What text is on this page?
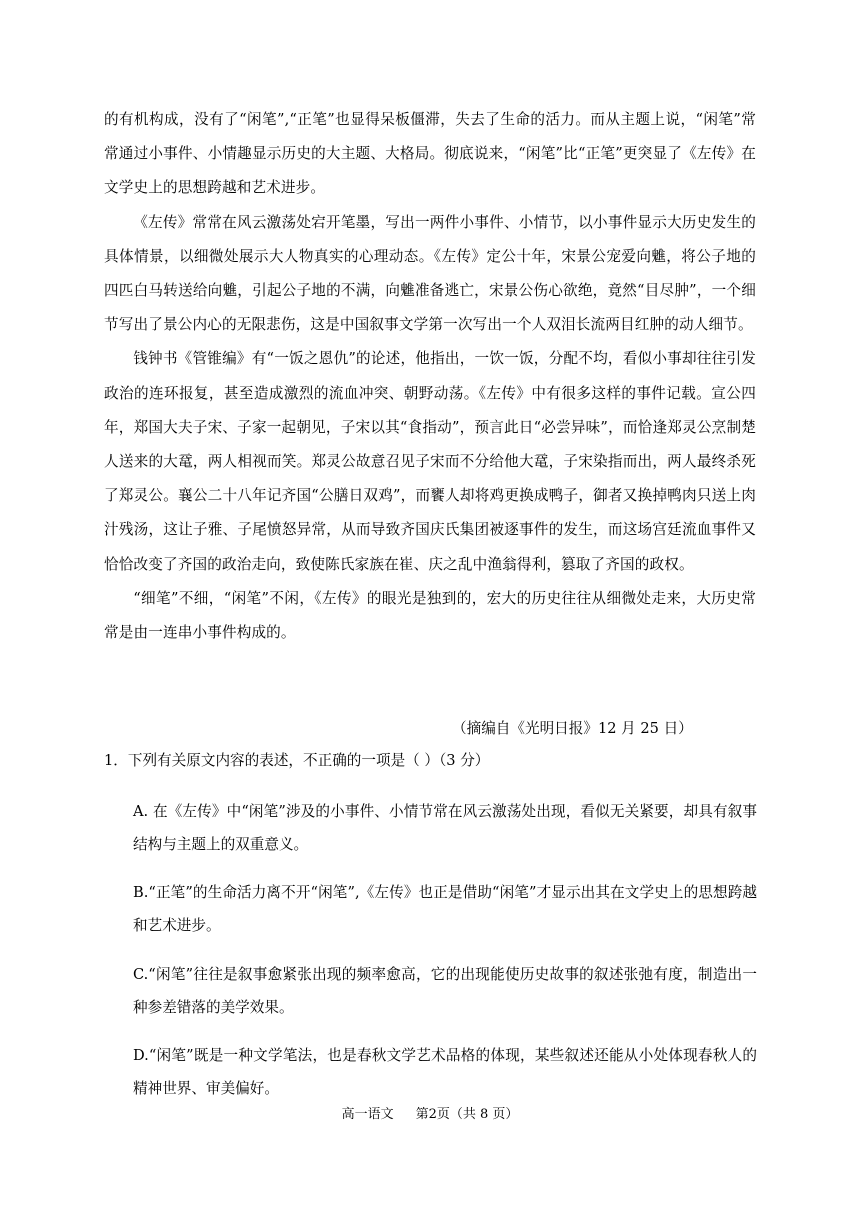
的有机构成，没有了“闲笔”,“正笔”也显得呆板僵滞，失去了生命的活力。而从主题上说，“闲笔”常常通过小事件、小情趣显示历史的大主题、大格局。彻底说来，“闲笔”比“正笔”更突显了《左传》在文学史上的思想跨越和艺术进步。

《左传》常常在风云激荡处宕开笔墨，写出一两件小事件、小情节，以小事件显示大历史发生的具体情景，以细微处展示大人物真实的心理动态。《左传》定公十年，宋景公宠爱向魋，将公子地的四匹白马转送给向魋，引起公子地的不满，向魋准备逃亡，宋景公伤心欲绝，竟然“目尽肿”，一个细节写出了景公内心的无限悲伤，这是中国叙事文学第一次写出一个人双泪长流两目红肿的动人细节。

钱钟书《管锥编》有“一饭之恩仇”的论述，他指出，一饮一饭，分配不均，看似小事却往往引发政治的连环报复，甚至造成激烈的流血冲突、朝野动荡。《左传》中有很多这样的事件记载。宣公四年，郑国大夫子宋、子家一起朝见，子宋以其“食指动”，预言此日“必尝异味”，而恰逢郑灵公烹制楚人送来的大鼋，两人相视而笑。郑灵公故意召见子宋而不分给他大鼋，子宋染指而出，两人最终杀死了郑灵公。襄公二十八年记齐国“公膳日双鸡”，而饔人却将鸡更换成鸭子，御者又换掉鸭肉只送上肉汁残汤，这让子雅、子尾愤怒异常，从而导致齐国庆氏集团被逐事件的发生，而这场宫廷流血事件又恰恰改变了齐国的政治走向，致使陈氏家族在崔、庆之乱中渔翁得利，篡取了齐国的政权。

“细笔”不细，“闲笔”不闲，《左传》的眼光是独到的，宏大的历史往往从细微处走来，大历史常常是由一连串小事件构成的。

（摘编自《光明日报》12 月 25 日）
1．下列有关原文内容的表述，不正确的一项是（ ）（3 分）
A. 在《左传》中“闲笔”涉及的小事件、小情节常在风云激荡处出现，看似无关紧要，却具有叙事结构与主题上的双重意义。
B.“正笔”的生命活力离不开“闲笔”,《左传》也正是借助“闲笔”才显示出其在文学史上的思想跨越和艺术进步。
C.“闲笔”往往是叙事愈紧张出现的频率愈高，它的出现能使历史故事的叙述张弛有度，制造出一种参差错落的美学效果。
D.“闲笔”既是一种文学笔法，也是春秋文学艺术品格的体现，某些叙述还能从小处体现春秋人的精神世界、审美偏好。
高一语文 第2页（共 8 页）
